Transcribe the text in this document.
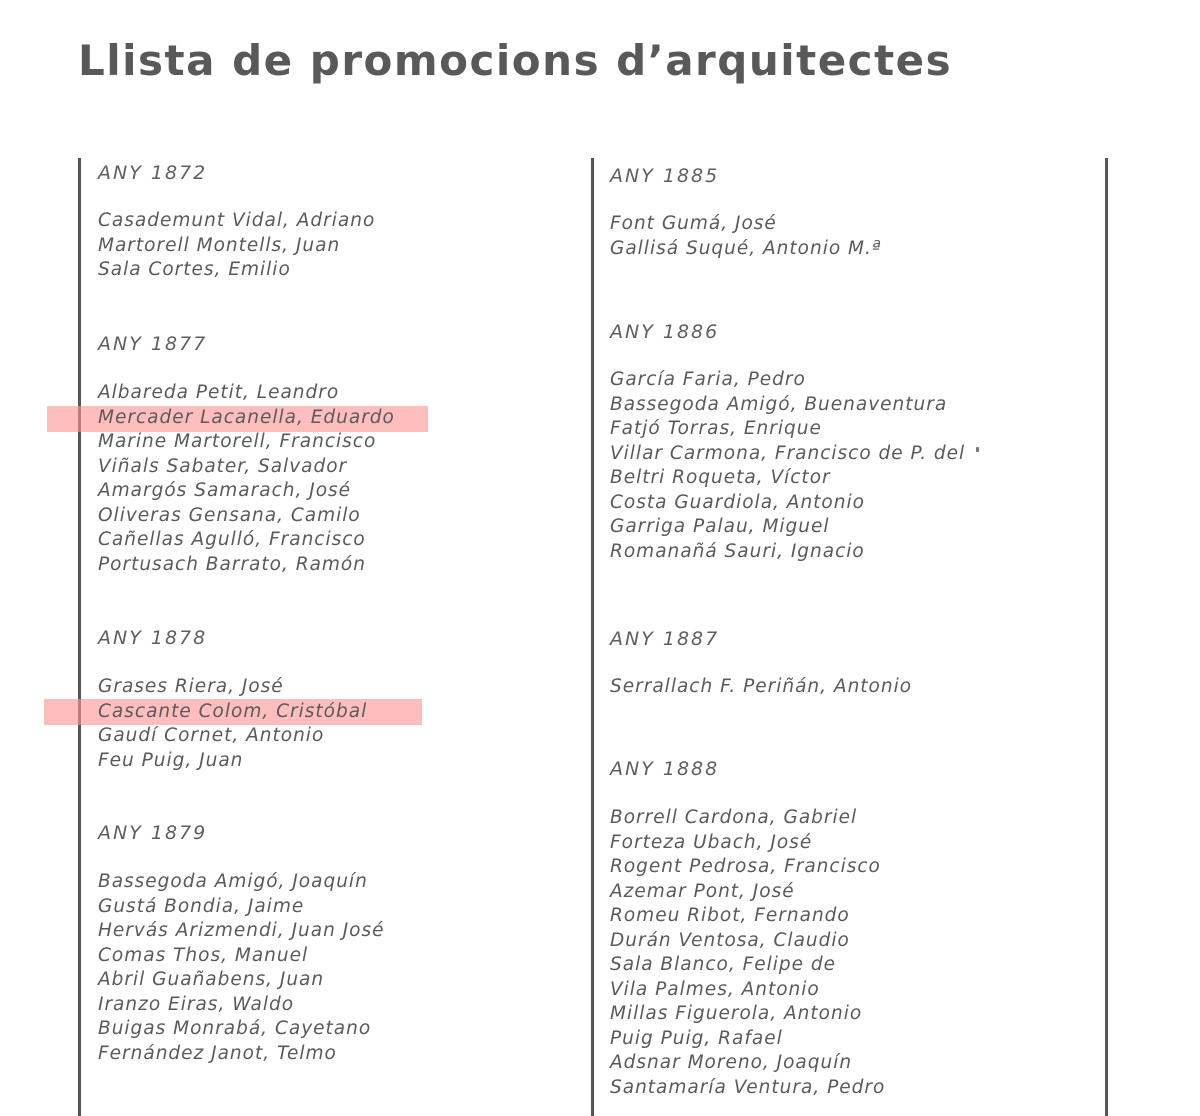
Llista de promocions d’arquitectes
ANY 1872
Casademunt Vidal, Adriano
Martorell Montells, Juan
Sala Cortes, Emilio
ANY 1877
Albareda Petit, Leandro
Mercader Lacanella, Eduardo
Marine Martorell, Francisco
Viñals Sabater, Salvador
Amargós Samarach, José
Oliveras Gensana, Camilo
Cañellas Agulló, Francisco
Portusach Barrato, Ramón
ANY 1878
Grases Riera, José
Cascante Colom, Cristóbal
Gaudí Cornet, Antonio
Feu Puig, Juan
ANY 1879
Bassegoda Amigó, Joaquín
Gustá Bondia, Jaime
Hervás Arizmendi, Juan José
Comas Thos, Manuel
Abril Guañabens, Juan
Iranzo Eiras, Waldo
Buigas Monrabá, Cayetano
Fernández Janot, Telmo
ANY 1885
Font Gumá, José
Gallisá Suqué, Antonio M.ª
ANY 1886
García Faria, Pedro
Bassegoda Amigó, Buenaventura
Fatjó Torras, Enrique
Villar Carmona, Francisco de P. del
Beltri Roqueta, Víctor
Costa Guardiola, Antonio
Garriga Palau, Miguel
Romanañá Sauri, Ignacio
ANY 1887
Serrallach F. Periñán, Antonio
ANY 1888
Borrell Cardona, Gabriel
Forteza Ubach, José
Rogent Pedrosa, Francisco
Azemar Pont, José
Romeu Ribot, Fernando
Durán Ventosa, Claudio
Sala Blanco, Felipe de
Vila Palmes, Antonio
Millas Figuerola, Antonio
Puig Puig, Rafael
Adsnar Moreno, Joaquín
Santamaría Ventura, Pedro
